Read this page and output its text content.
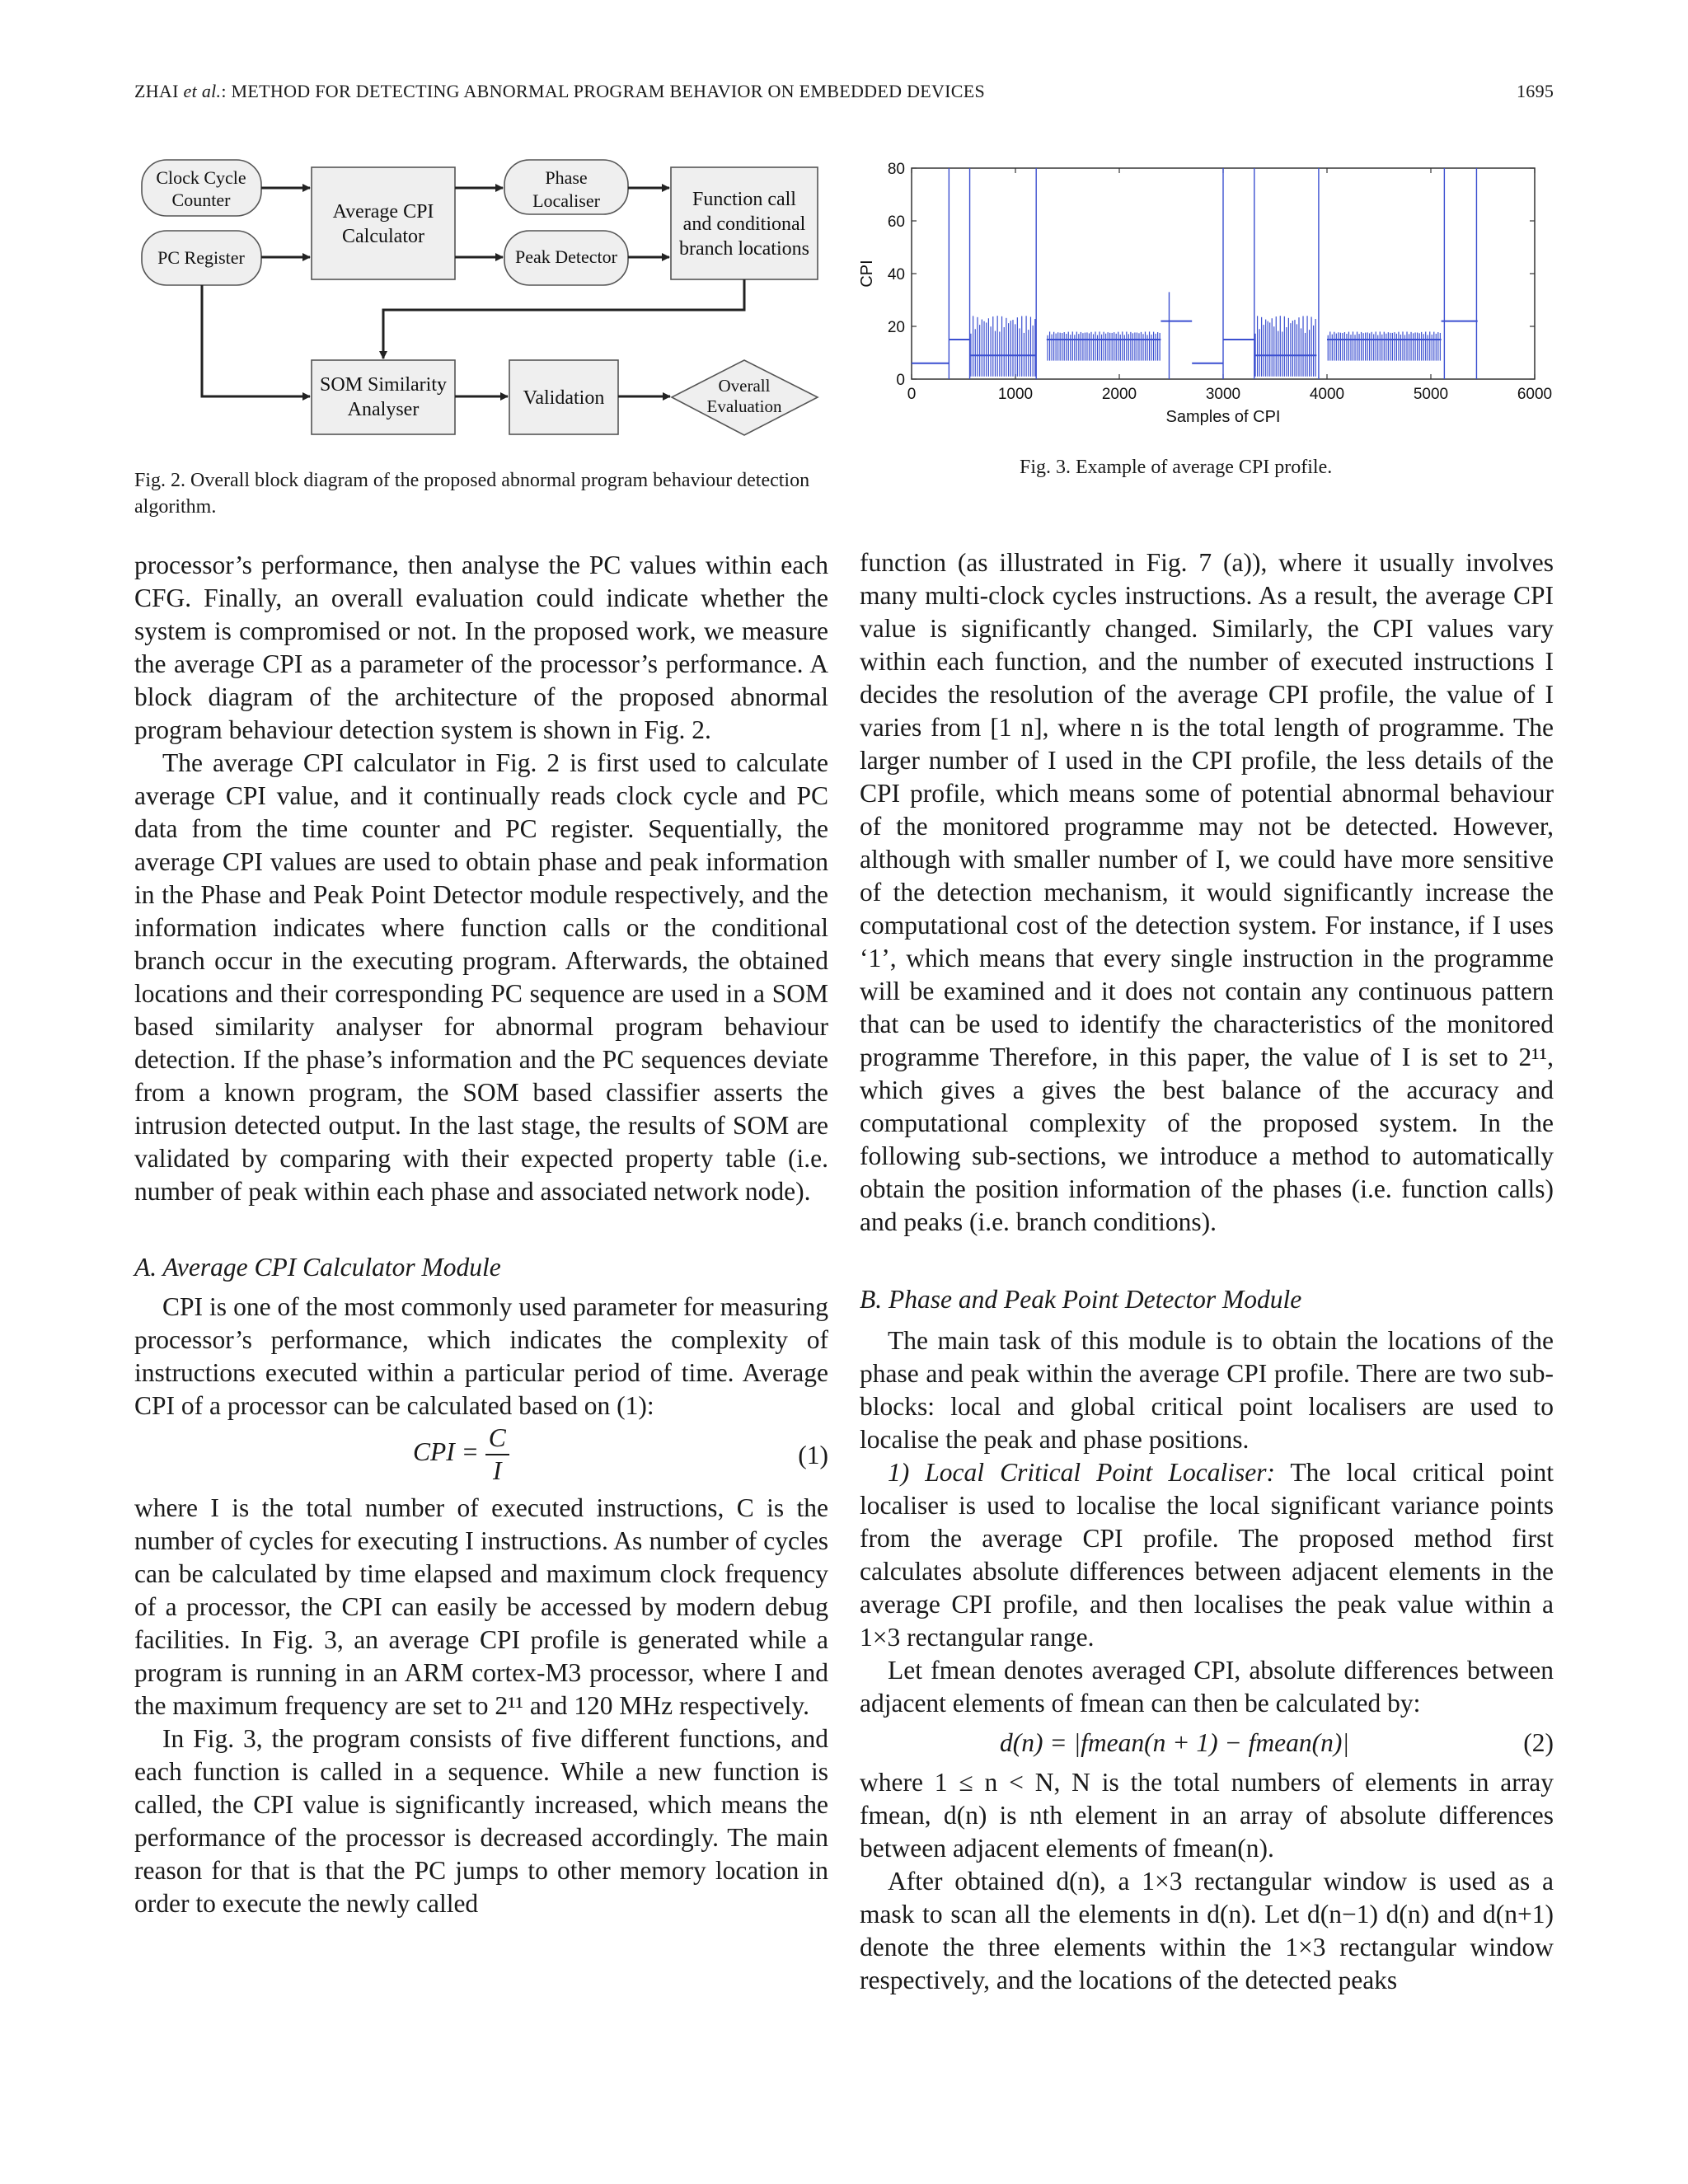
ZHAI et al.: METHOD FOR DETECTING ABNORMAL PROGRAM BEHAVIOR ON EMBEDDED DEVICES	1695
Clock Cycle
Counter
PC Register
Average CPI
Calculator
Phase
Localiser
Peak Detector
Function call
and conditional
branch locations
SOM Similarity
Analyser
Validation
Overall
Evaluation
Fig. 2. Overall block diagram of the proposed abnormal program behaviour detection algorithm.
0	1000	2000	3000	4000	5000	6000
0
20
40
60
80
Samples of CPI
CPI
Fig. 3. Example of average CPI profile.

processor’s performance, then analyse the PC values within each CFG. Finally, an overall evaluation could indicate whether the system is compromised or not. In the proposed work, we measure the average CPI as a parameter of the processor’s performance. A block diagram of the architecture of the proposed abnormal program behaviour detection system is shown in Fig. 2.

The average CPI calculator in Fig. 2 is first used to calculate average CPI value, and it continually reads clock cycle and PC data from the time counter and PC register. Sequentially, the average CPI values are used to obtain phase and peak information in the Phase and Peak Point Detector module respectively, and the information indicates where function calls or the conditional branch occur in the executing program. Afterwards, the obtained locations and their corresponding PC sequence are used in a SOM based similarity analyser for abnormal program behaviour detection. If the phase’s information and the PC sequences deviate from a known program, the SOM based classifier asserts the intrusion detected output. In the last stage, the results of SOM are validated by comparing with their expected property table (i.e. number of peak within each phase and associated network node).

A. Average CPI Calculator Module

CPI is one of the most commonly used parameter for measuring processor’s performance, which indicates the complexity of instructions executed within a particular period of time. Average CPI of a processor can be calculated based on (1):

CPI = $\frac{C}{I}$	(1)

where I is the total number of executed instructions, C is the number of cycles for executing I instructions. As number of cycles can be calculated by time elapsed and maximum clock frequency of a processor, the CPI can easily be accessed by modern debug facilities. In Fig. 3, an average CPI profile is generated while a program is running in an ARM cortex-M3 processor, where I and the maximum frequency are set to 2¹¹ and 120 MHz respectively.

In Fig. 3, the program consists of five different functions, and each function is called in a sequence. While a new function is called, the CPI value is significantly increased, which means the performance of the processor is decreased accordingly. The main reason for that is that the PC jumps to other memory location in order to execute the newly called

function (as illustrated in Fig. 7 (a)), where it usually involves many multi-clock cycles instructions. As a result, the average CPI value is significantly changed. Similarly, the CPI values vary within each function, and the number of executed instructions I decides the resolution of the average CPI profile, the value of I varies from [1 n], where n is the total length of programme. The larger number of I used in the CPI profile, the less details of the CPI profile, which means some of potential abnormal behaviour of the monitored programme may not be detected. However, although with smaller number of I, we could have more sensitive of the detection mechanism, it would significantly increase the computational cost of the detection system. For instance, if I uses ‘1’, which means that every single instruction in the programme will be examined and it does not contain any continuous pattern that can be used to identify the characteristics of the monitored programme Therefore, in this paper, the value of I is set to 2¹¹, which gives a gives the best balance of the accuracy and computational complexity of the proposed system. In the following sub-sections, we introduce a method to automatically obtain the position information of the phases (i.e. function calls) and peaks (i.e. branch conditions).

B. Phase and Peak Point Detector Module

The main task of this module is to obtain the locations of the phase and peak within the average CPI profile. There are two sub-blocks: local and global critical point localisers are used to localise the peak and phase positions.

1) Local Critical Point Localiser: The local critical point localiser is used to localise the local significant variance points from the average CPI profile. The proposed method first calculates absolute differences between adjacent elements in the average CPI profile, and then localises the peak value within a 1×3 rectangular range.

Let fmean denotes averaged CPI, absolute differences between adjacent elements of fmean can then be calculated by:

d(n) = |fmean(n + 1) − fmean(n)|	(2)

where 1 ≤ n < N, N is the total numbers of elements in array fmean, d(n) is nth element in an array of absolute differences between adjacent elements of fmean(n).

After obtained d(n), a 1×3 rectangular window is used as a mask to scan all the elements in d(n). Let d(n−1) d(n) and d(n+1) denote the three elements within the 1×3 rectangular window respectively, and the locations of the detected peaks
